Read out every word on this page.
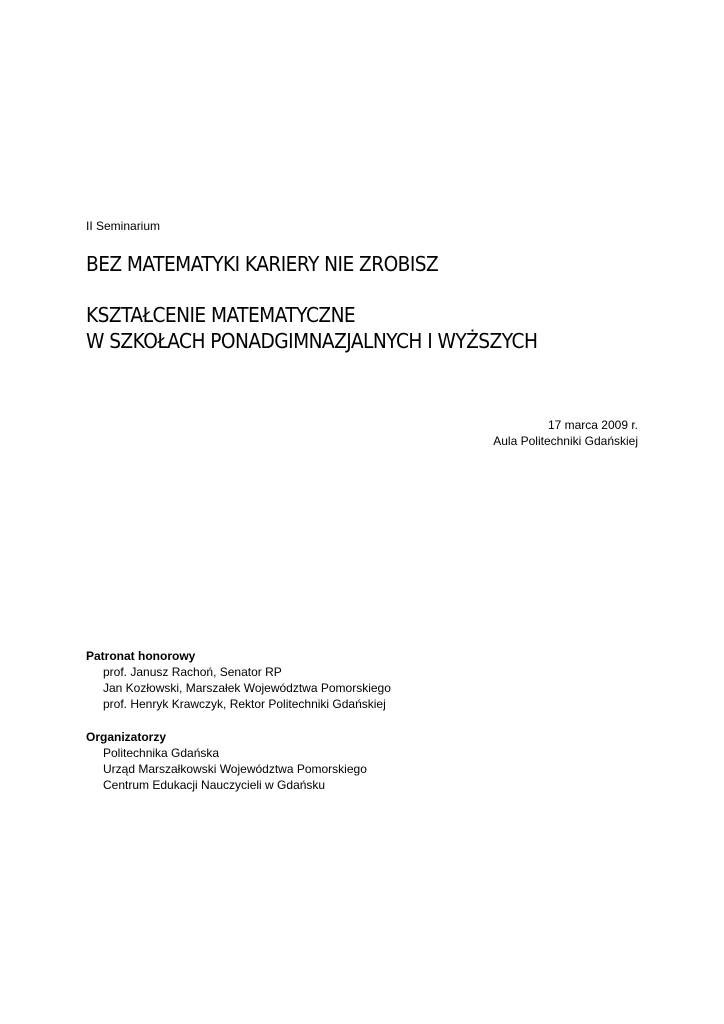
II Seminarium
BEZ MATEMATYKI KARIERY NIE ZROBISZ
KSZTAŁCENIE MATEMATYCZNE
W SZKOŁACH PONADGIMNAZJALNYCH I WYŻSZYCH
17 marca 2009 r.
Aula Politechniki Gdańskiej
Patronat honorowy
prof. Janusz Rachoń, Senator RP
Jan Kozłowski, Marszałek Województwa Pomorskiego
prof. Henryk Krawczyk, Rektor Politechniki Gdańskiej
Organizatorzy
Politechnika Gdańska
Urząd Marszałkowski Województwa Pomorskiego
Centrum Edukacji Nauczycieli w Gdańsku
